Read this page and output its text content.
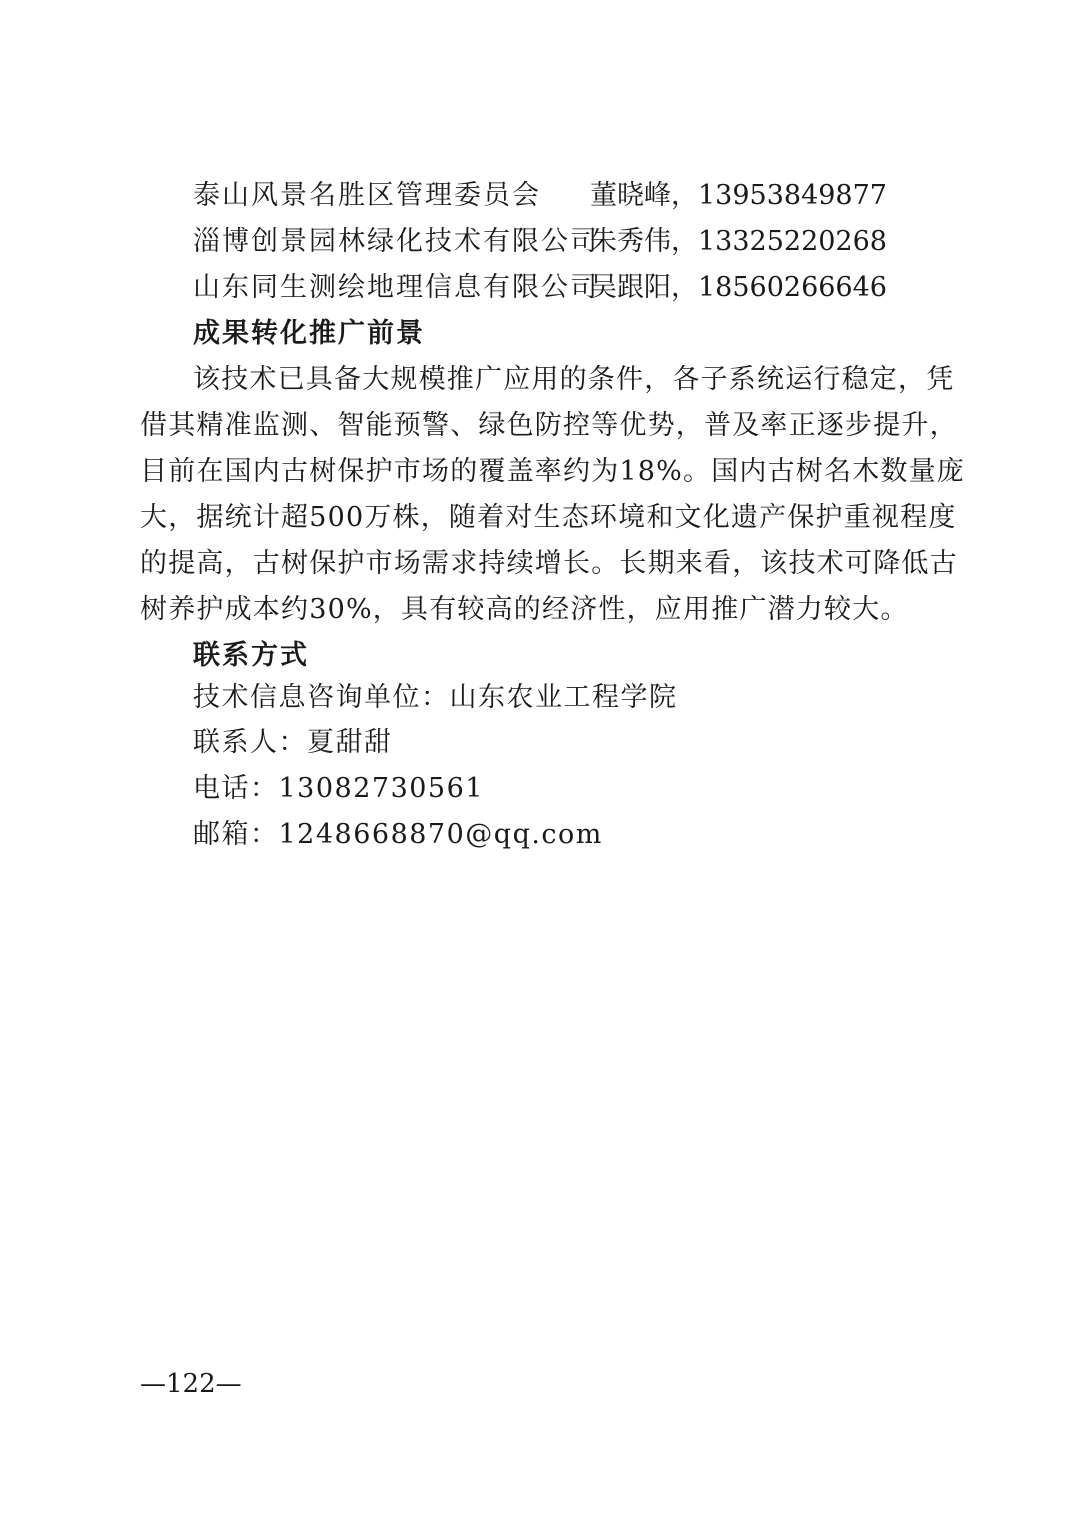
泰山风景名胜区管理委员会 董晓峰，13953849877
淄博创景园林绿化技术有限公司
朱秀伟，13325220268
山东同生测绘地理信息有限公司
吴跟阳，18560266646
成果转化推广前景
该技术已具备大规模推广应用的条件，各子系统运行稳定，凭
借其精准监测、智能预警、绿色防控等优势，普及率正逐步提升，
目前在国内古树保护市场的覆盖率约为18%。国内古树名木数量庞
大，据统计超500万株，随着对生态环境和文化遗产保护重视程度
的提高，古树保护市场需求持续增长。长期来看，该技术可降低古
树养护成本约30%，具有较高的经济性，应用推广潜力较大。
联系方式
技术信息咨询单位：山东农业工程学院
联系人：夏甜甜
电话：13082730561
邮箱：1248668870@qq.com
—122—
